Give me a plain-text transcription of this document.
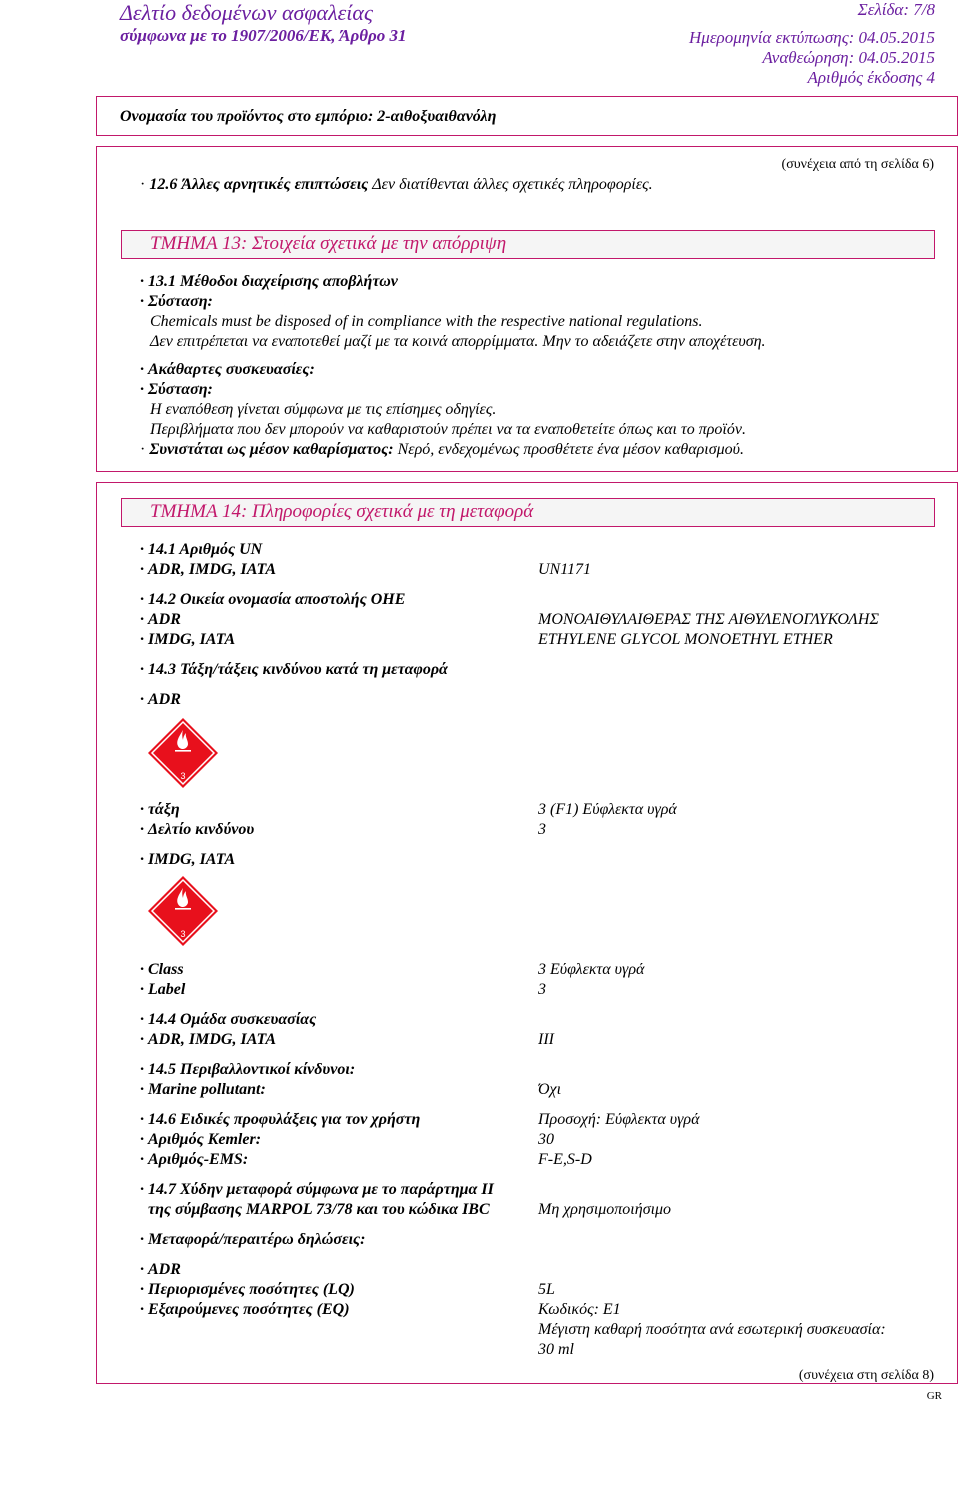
Δελτίο δεδομένων ασφαλείας
σύμφωνα με το 1907/2006/ΕΚ, Άρθρο 31
Σελίδα: 7/8
Ημερομηνία εκτύπωσης: 04.05.2015
Αναθεώρηση: 04.05.2015
Αριθμός έκδοσης 4
Ονομασία του προϊόντος στο εμπόριο: 2-αιθοξυαιθανόλη
(συνέχεια από τη σελίδα 6)
· 12.6 Άλλες αρνητικές επιπτώσεις Δεν διατίθενται άλλες σχετικές πληροφορίες.
ΤΜΗΜΑ 13: Στοιχεία σχετικά με την απόρριψη
· 13.1 Μέθοδοι διαχείρισης αποβλήτων
· Σύσταση:
Chemicals must be disposed of in compliance with the respective national regulations.
Δεν επιτρέπεται να εναποτεθεί μαζί με τα κοινά απορρίμματα. Μην το αδειάζετε στην αποχέτευση.
· Ακάθαρτες συσκευασίες:
· Σύσταση:
Η εναπόθεση γίνεται σύμφωνα με τις επίσημες οδηγίες.
Περιβλήματα που δεν μπορούν να καθαριστούν πρέπει να τα εναποθετείτε όπως και το προϊόν.
· Συνιστάται ως μέσον καθαρίσματος: Νερό, ενδεχομένως προσθέτετε ένα μέσον καθαρισμού.
ΤΜΗΜΑ 14: Πληροφορίες σχετικά με τη μεταφορά
· 14.1 Αριθμός UN
· ADR, IMDG, IATA	UN1171
· 14.2 Οικεία ονομασία αποστολής ΟΗΕ
· ADR	ΜΟΝΟΑΙΘΥΛΑΙΘΕΡΑΣ ΤΗΣ ΑΙΘΥΛΕΝΟΓΛΥΚΟΛΗΣ
· IMDG, IATA	ETHYLENE GLYCOL MONOETHYL ETHER
· 14.3 Τάξη/τάξεις κινδύνου κατά τη μεταφορά
· ADR
3
· τάξη	3 (F1) Εύφλεκτα υγρά
· Δελτίο κινδύνου	3
· IMDG, IATA
3
· Class	3 Εύφλεκτα υγρά
· Label	3
· 14.4 Ομάδα συσκευασίας
· ADR, IMDG, IATA	III
· 14.5 Περιβαλλοντικοί κίνδυνοι:
· Marine pollutant:	Όχι
· 14.6 Ειδικές προφυλάξεις για τον χρήστη	Προσοχή: Εύφλεκτα υγρά
· Αριθμός Kemler:	30
· Αριθμός-EMS:	F-E,S-D
· 14.7 Χύδην μεταφορά σύμφωνα με το παράρτημα II
της σύμβασης MARPOL 73/78 και του κώδικα IBC	Μη χρησιμοποιήσιμο
· Μεταφορά/περαιτέρω δηλώσεις:
· ADR
· Περιορισμένες ποσότητες (LQ)	5L
· Εξαιρούμενες ποσότητες (EQ)	Κωδικός: E1
Μέγιστη καθαρή ποσότητα ανά εσωτερική συσκευασία:
30 ml
(συνέχεια στη σελίδα 8)
GR
